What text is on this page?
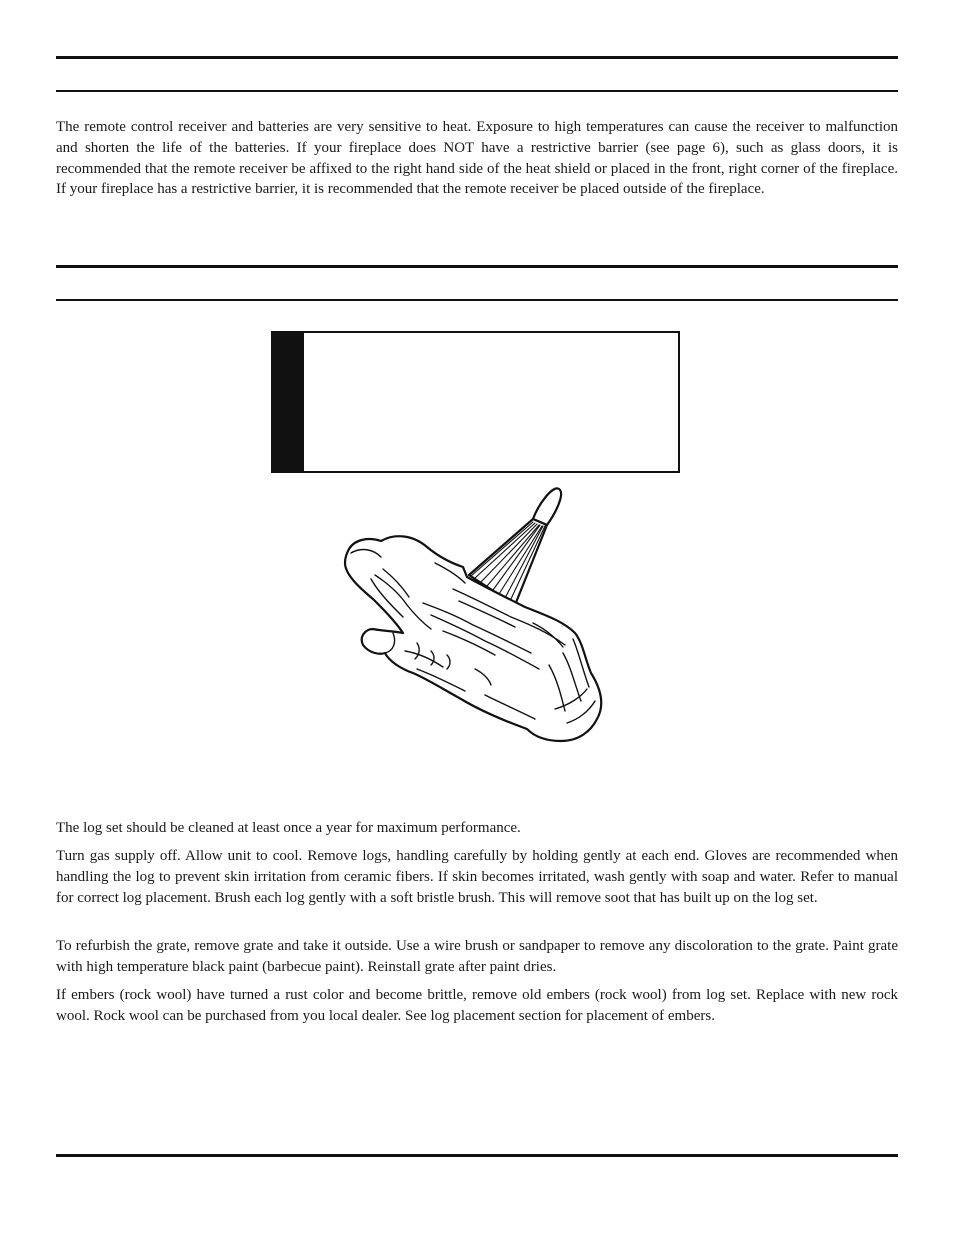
The remote control receiver and batteries are very sensitive to heat. Exposure to high temperatures can cause the receiver to malfunction and shorten the life of the batteries. If your fireplace does NOT have a restrictive barrier (see page 6), such as glass doors, it is recommended that the remote receiver be affixed to the right hand side of the heat shield or placed in the front, right corner of the fireplace. If your fireplace has a restrictive barrier, it is recommended that the remote receiver be placed outside of the fireplace.

The log set should be cleaned at least once a year for maximum performance.

Turn gas supply off. Allow unit to cool. Remove logs, handling carefully by holding gently at each end. Gloves are recommended when handling the log to prevent skin irritation from ceramic fibers. If skin becomes irritated, wash gently with soap and water. Refer to manual for correct log placement. Brush each log gently with a soft bristle brush. This will remove soot that has built up on the log set.

To refurbish the grate, remove grate and take it outside. Use a wire brush or sandpaper to remove any discoloration to the grate. Paint grate with high temperature black paint (barbecue paint). Reinstall grate after paint dries.

If embers (rock wool) have turned a rust color and become brittle, remove old embers (rock wool) from log set. Replace with new rock wool. Rock wool can be purchased from you local dealer. See log placement section for placement of embers.
